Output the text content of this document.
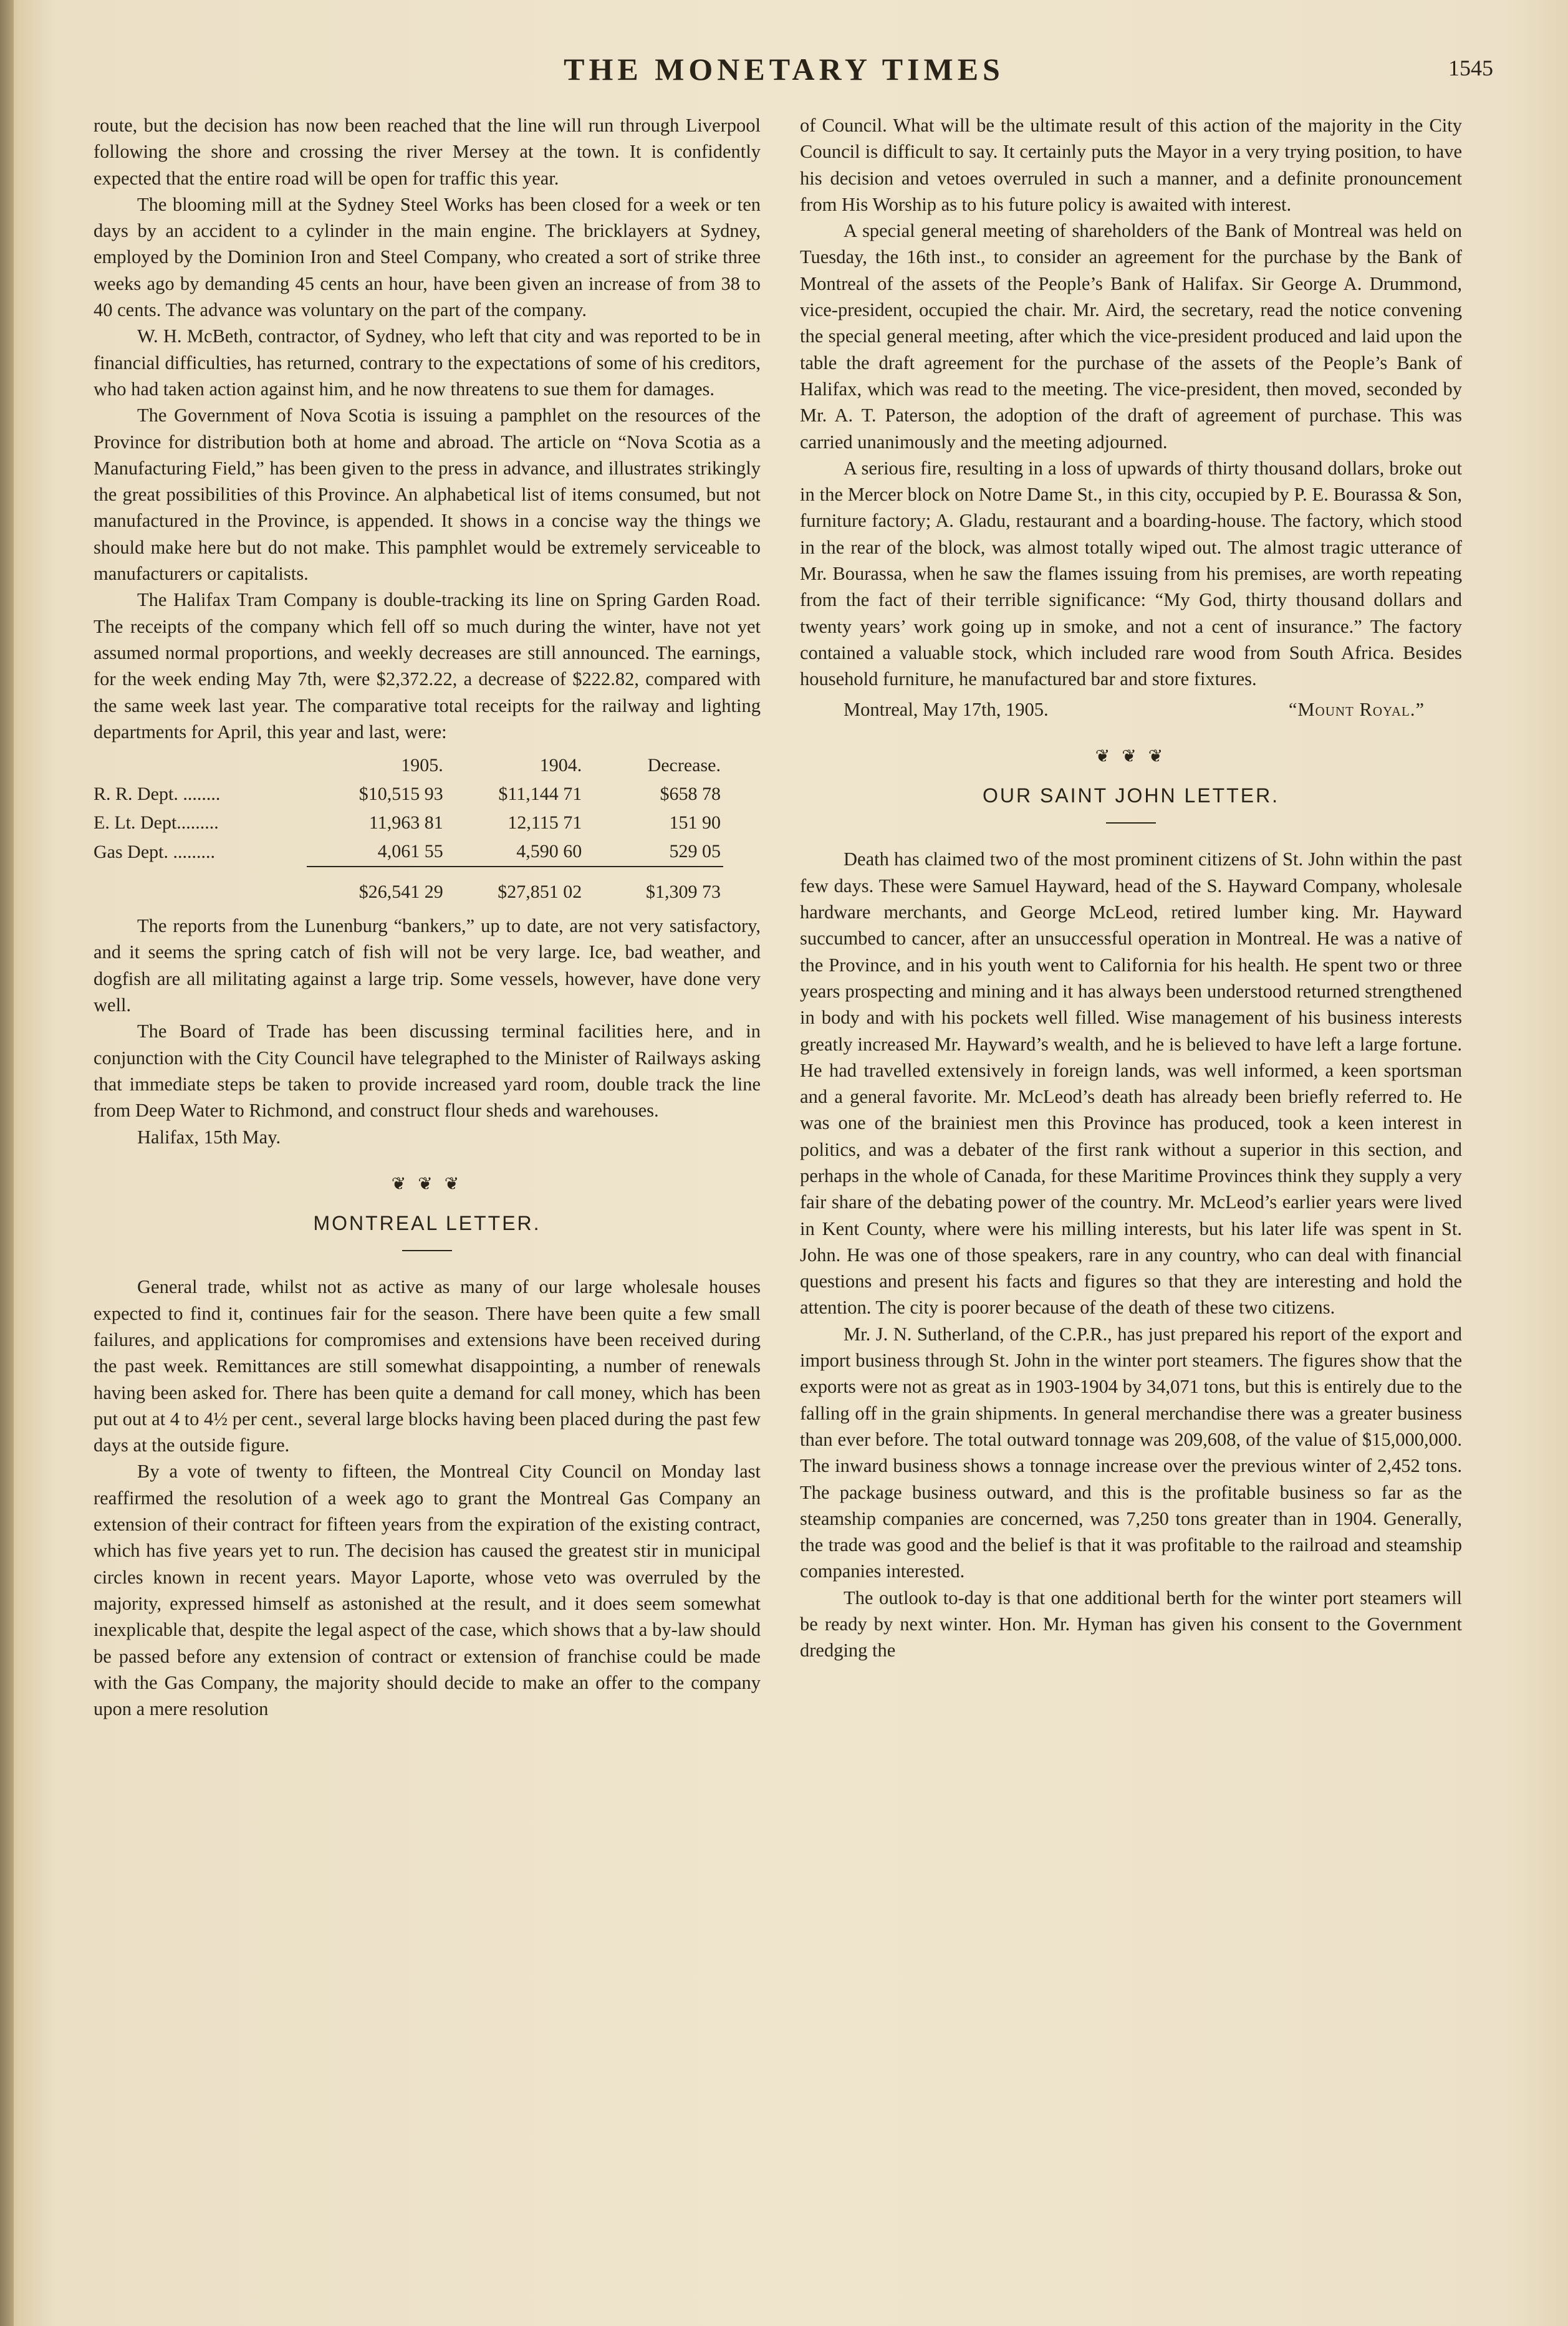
THE MONETARY TIMES	1545

route, but the decision has now been reached that the line will run through Liverpool following the shore and crossing the river Mersey at the town. It is confidently expected that the entire road will be open for traffic this year.

The blooming mill at the Sydney Steel Works has been closed for a week or ten days by an accident to a cylinder in the main engine. The bricklayers at Sydney, employed by the Dominion Iron and Steel Company, who created a sort of strike three weeks ago by demanding 45 cents an hour, have been given an increase of from 38 to 40 cents. The advance was voluntary on the part of the company.

W. H. McBeth, contractor, of Sydney, who left that city and was reported to be in financial difficulties, has returned, contrary to the expectations of some of his creditors, who had taken action against him, and he now threatens to sue them for damages.

The Government of Nova Scotia is issuing a pamphlet on the resources of the Province for distribution both at home and abroad. The article on “Nova Scotia as a Manufacturing Field,” has been given to the press in advance, and illustrates strikingly the great possibilities of this Province. An alphabetical list of items consumed, but not manufactured in the Province, is appended. It shows in a concise way the things we should make here but do not make. This pamphlet would be extremely serviceable to manufacturers or capitalists.

The Halifax Tram Company is double-tracking its line on Spring Garden Road. The receipts of the company which fell off so much during the winter, have not yet assumed normal proportions, and weekly decreases are still announced. The earnings, for the week ending May 7th, were $2,372.22, a decrease of $222.82, compared with the same week last year. The comparative total receipts for the railway and lighting departments for April, this year and last, were:

	1905.	1904.	Decrease.
R. R. Dept. ........	$10,515 93	$11,144 71	$658 78
E. Lt. Dept.........	11,963 81	12,115 71	151 90
Gas Dept. .........	4,061 55	4,590 60	529 05
	$26,541 29	$27,851 02	$1,309 73

The reports from the Lunenburg “bankers,” up to date, are not very satisfactory, and it seems the spring catch of fish will not be very large. Ice, bad weather, and dogfish are all militating against a large trip. Some vessels, however, have done very well.

The Board of Trade has been discussing terminal facilities here, and in conjunction with the City Council have telegraphed to the Minister of Railways asking that immediate steps be taken to provide increased yard room, double track the line from Deep Water to Richmond, and construct flour sheds and warehouses.

Halifax, 15th May.

❦ ❦ ❦
MONTREAL LETTER.

General trade, whilst not as active as many of our large wholesale houses expected to find it, continues fair for the season. There have been quite a few small failures, and applications for compromises and extensions have been received during the past week. Remittances are still somewhat disappointing, a number of renewals having been asked for. There has been quite a demand for call money, which has been put out at 4 to 4½ per cent., several large blocks having been placed during the past few days at the outside figure.

By a vote of twenty to fifteen, the Montreal City Council on Monday last reaffirmed the resolution of a week ago to grant the Montreal Gas Company an extension of their contract for fifteen years from the expiration of the existing contract, which has five years yet to run. The decision has caused the greatest stir in municipal circles known in recent years. Mayor Laporte, whose veto was overruled by the majority, expressed himself as astonished at the result, and it does seem somewhat inexplicable that, despite the legal aspect of the case, which shows that a by-law should be passed before any extension of contract or extension of franchise could be made with the Gas Company, the majority should decide to make an offer to the company upon a mere resolution

of Council. What will be the ultimate result of this action of the majority in the City Council is difficult to say. It certainly puts the Mayor in a very trying position, to have his decision and vetoes overruled in such a manner, and a definite pronouncement from His Worship as to his future policy is awaited with interest.

A special general meeting of shareholders of the Bank of Montreal was held on Tuesday, the 16th inst., to consider an agreement for the purchase by the Bank of Montreal of the assets of the People’s Bank of Halifax. Sir George A. Drummond, vice-president, occupied the chair. Mr. Aird, the secretary, read the notice convening the special general meeting, after which the vice-president produced and laid upon the table the draft agreement for the purchase of the assets of the People’s Bank of Halifax, which was read to the meeting. The vice-president, then moved, seconded by Mr. A. T. Paterson, the adoption of the draft of agreement of purchase. This was carried unanimously and the meeting adjourned.

A serious fire, resulting in a loss of upwards of thirty thousand dollars, broke out in the Mercer block on Notre Dame St., in this city, occupied by P. E. Bourassa & Son, furniture factory; A. Gladu, restaurant and a boarding-house. The factory, which stood in the rear of the block, was almost totally wiped out. The almost tragic utterance of Mr. Bourassa, when he saw the flames issuing from his premises, are worth repeating from the fact of their terrible significance: “My God, thirty thousand dollars and twenty years’ work going up in smoke, and not a cent of insurance.” The factory contained a valuable stock, which included rare wood from South Africa. Besides household furniture, he manufactured bar and store fixtures.

Montreal, May 17th, 1905.	“Mount Royal.”
❦ ❦ ❦
OUR SAINT JOHN LETTER.

Death has claimed two of the most prominent citizens of St. John within the past few days. These were Samuel Hayward, head of the S. Hayward Company, wholesale hardware merchants, and George McLeod, retired lumber king. Mr. Hayward succumbed to cancer, after an unsuccessful operation in Montreal. He was a native of the Province, and in his youth went to California for his health. He spent two or three years prospecting and mining and it has always been understood returned strengthened in body and with his pockets well filled. Wise management of his business interests greatly increased Mr. Hayward’s wealth, and he is believed to have left a large fortune. He had travelled extensively in foreign lands, was well informed, a keen sportsman and a general favorite. Mr. McLeod’s death has already been briefly referred to. He was one of the brainiest men this Province has produced, took a keen interest in politics, and was a debater of the first rank without a superior in this section, and perhaps in the whole of Canada, for these Maritime Provinces think they supply a very fair share of the debating power of the country. Mr. McLeod’s earlier years were lived in Kent County, where were his milling interests, but his later life was spent in St. John. He was one of those speakers, rare in any country, who can deal with financial questions and present his facts and figures so that they are interesting and hold the attention. The city is poorer because of the death of these two citizens.

Mr. J. N. Sutherland, of the C.P.R., has just prepared his report of the export and import business through St. John in the winter port steamers. The figures show that the exports were not as great as in 1903-1904 by 34,071 tons, but this is entirely due to the falling off in the grain shipments. In general merchandise there was a greater business than ever before. The total outward tonnage was 209,608, of the value of $15,000,000. The inward business shows a tonnage increase over the previous winter of 2,452 tons. The package business outward, and this is the profitable business so far as the steamship companies are concerned, was 7,250 tons greater than in 1904. Generally, the trade was good and the belief is that it was profitable to the railroad and steamship companies interested.

The outlook to-day is that one additional berth for the winter port steamers will be ready by next winter. Hon. Mr. Hyman has given his consent to the Government dredging the
